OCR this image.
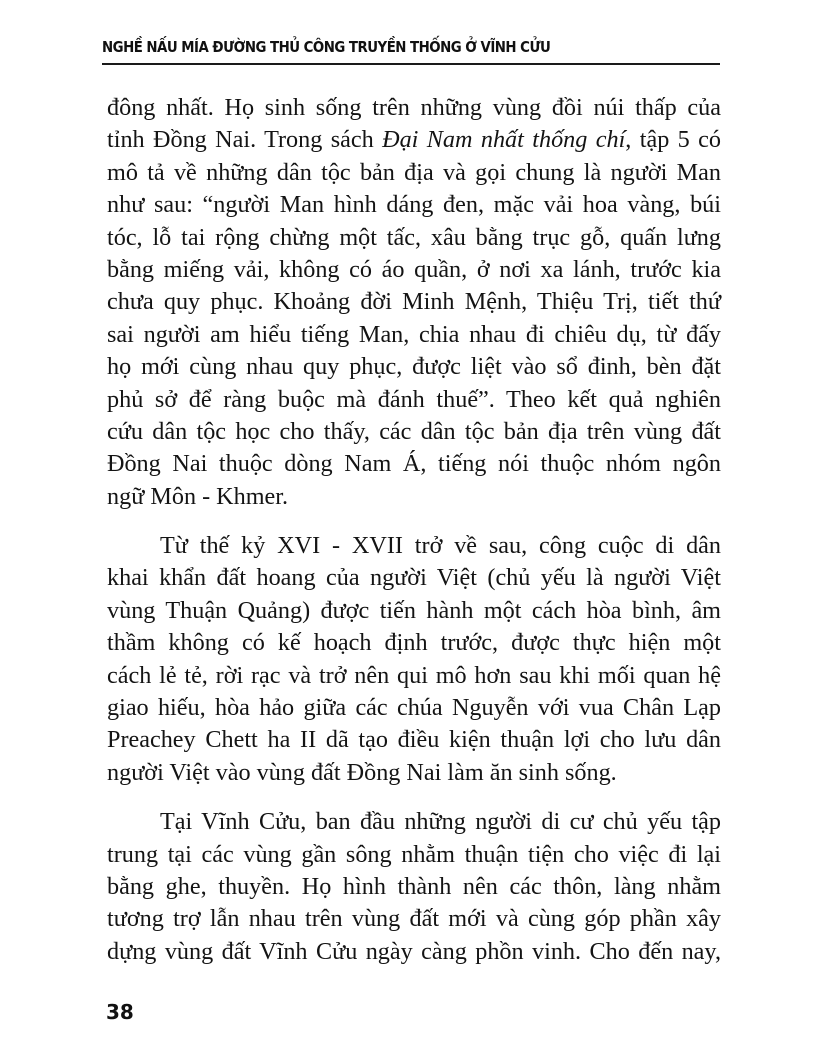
NGHỀ NẤU MÍA ĐƯỜNG THỦ CÔNG TRUYỀN THỐNG Ở VĨNH CỬU
đông nhất. Họ sinh sống trên những vùng đồi núi thấp của
tỉnh Đồng Nai. Trong sách Đại Nam nhất thống chí, tập 5 có
mô tả về những dân tộc bản địa và gọi chung là người Man
như sau: “người Man hình dáng đen, mặc vải hoa vàng, búi
tóc, lỗ tai rộng chừng một tấc, xâu bằng trục gỗ, quấn lưng
bằng miếng vải, không có áo quần, ở nơi xa lánh, trước kia
chưa quy phục. Khoảng đời Minh Mệnh, Thiệu Trị, tiết thứ
sai người am hiểu tiếng Man, chia nhau đi chiêu dụ, từ đấy
họ mới cùng nhau quy phục, được liệt vào sổ đinh, bèn đặt
phủ sở để ràng buộc mà đánh thuế”. Theo kết quả nghiên
cứu dân tộc học cho thấy, các dân tộc bản địa trên vùng đất
Đồng Nai thuộc dòng Nam Á, tiếng nói thuộc nhóm ngôn
ngữ Môn - Khmer.
Từ thế kỷ XVI - XVII trở về sau, công cuộc di dân
khai khẩn đất hoang của người Việt (chủ yếu là người Việt
vùng Thuận Quảng) được tiến hành một cách hòa bình, âm
thầm không có kế hoạch định trước, được thực hiện một
cách lẻ tẻ, rời rạc và trở nên qui mô hơn sau khi mối quan hệ
giao hiếu, hòa hảo giữa các chúa Nguyễn với vua Chân Lạp
Preachey Chett ha II dã tạo điều kiện thuận lợi cho lưu dân
người Việt vào vùng đất Đồng Nai làm ăn sinh sống.
Tại Vĩnh Cửu, ban đầu những người di cư chủ yếu tập
trung tại các vùng gần sông nhằm thuận tiện cho việc đi lại
bằng ghe, thuyền. Họ hình thành nên các thôn, làng nhằm
tương trợ lẫn nhau trên vùng đất mới và cùng góp phần xây
dựng vùng đất Vĩnh Cửu ngày càng phồn vinh. Cho đến nay,
38
